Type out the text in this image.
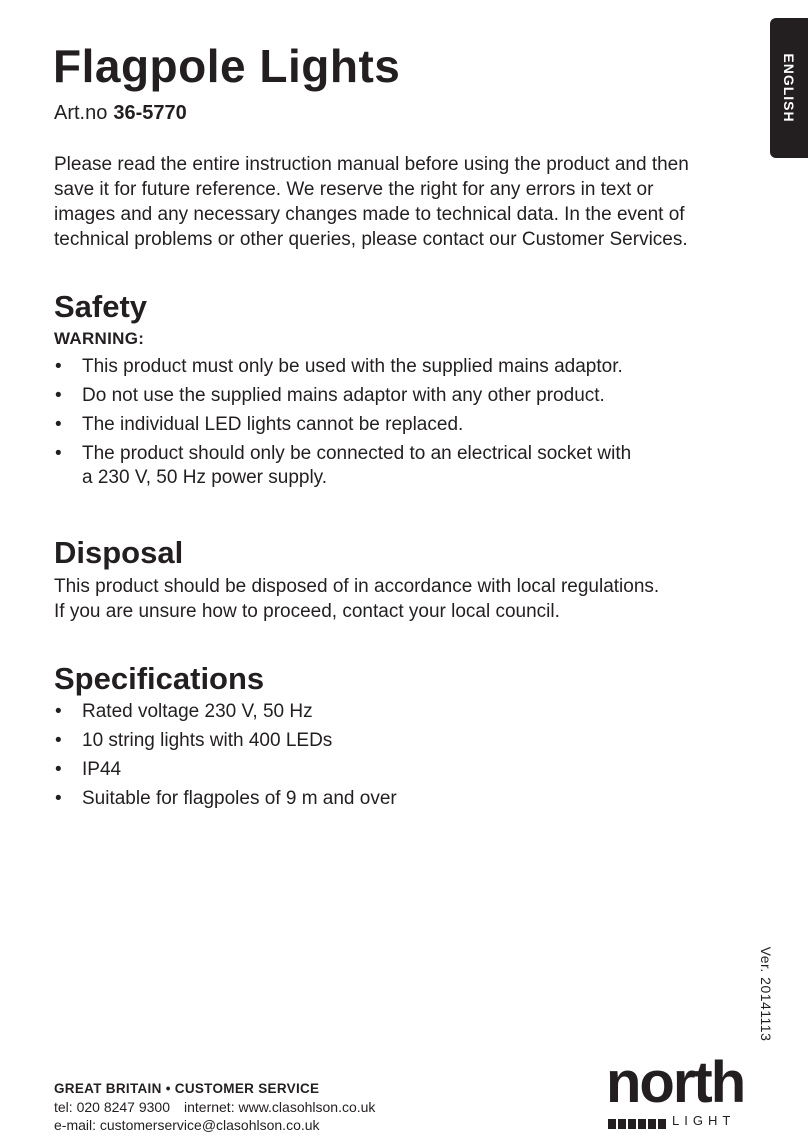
ENGLISH
Flagpole Lights
Art.no 36-5770

Please read the entire instruction manual before using the product and then
save it for future reference. We reserve the right for any errors in text or
images and any necessary changes made to technical data. In the event of
technical problems or other queries, please contact our Customer Services.

Safety
WARNING:
• This product must only be used with the supplied mains adaptor.
• Do not use the supplied mains adaptor with any other product.
• The individual LED lights cannot be replaced.
• The product should only be connected to an electrical socket with
a 230 V, 50 Hz power supply.
Disposal

This product should be disposed of in accordance with local regulations.
If you are unsure how to proceed, contact your local council.

Specifications
• Rated voltage 230 V, 50 Hz
• 10 string lights with 400 LEDs
• IP44
• Suitable for flagpoles of 9 m and over
Ver. 20141113
GREAT BRITAIN • CUSTOMER SERVICE
tel: 020 8247 9300 internet: www.clasohlson.co.uk
e-mail: customerservice@clasohlson.co.uk
north
LIGHT
